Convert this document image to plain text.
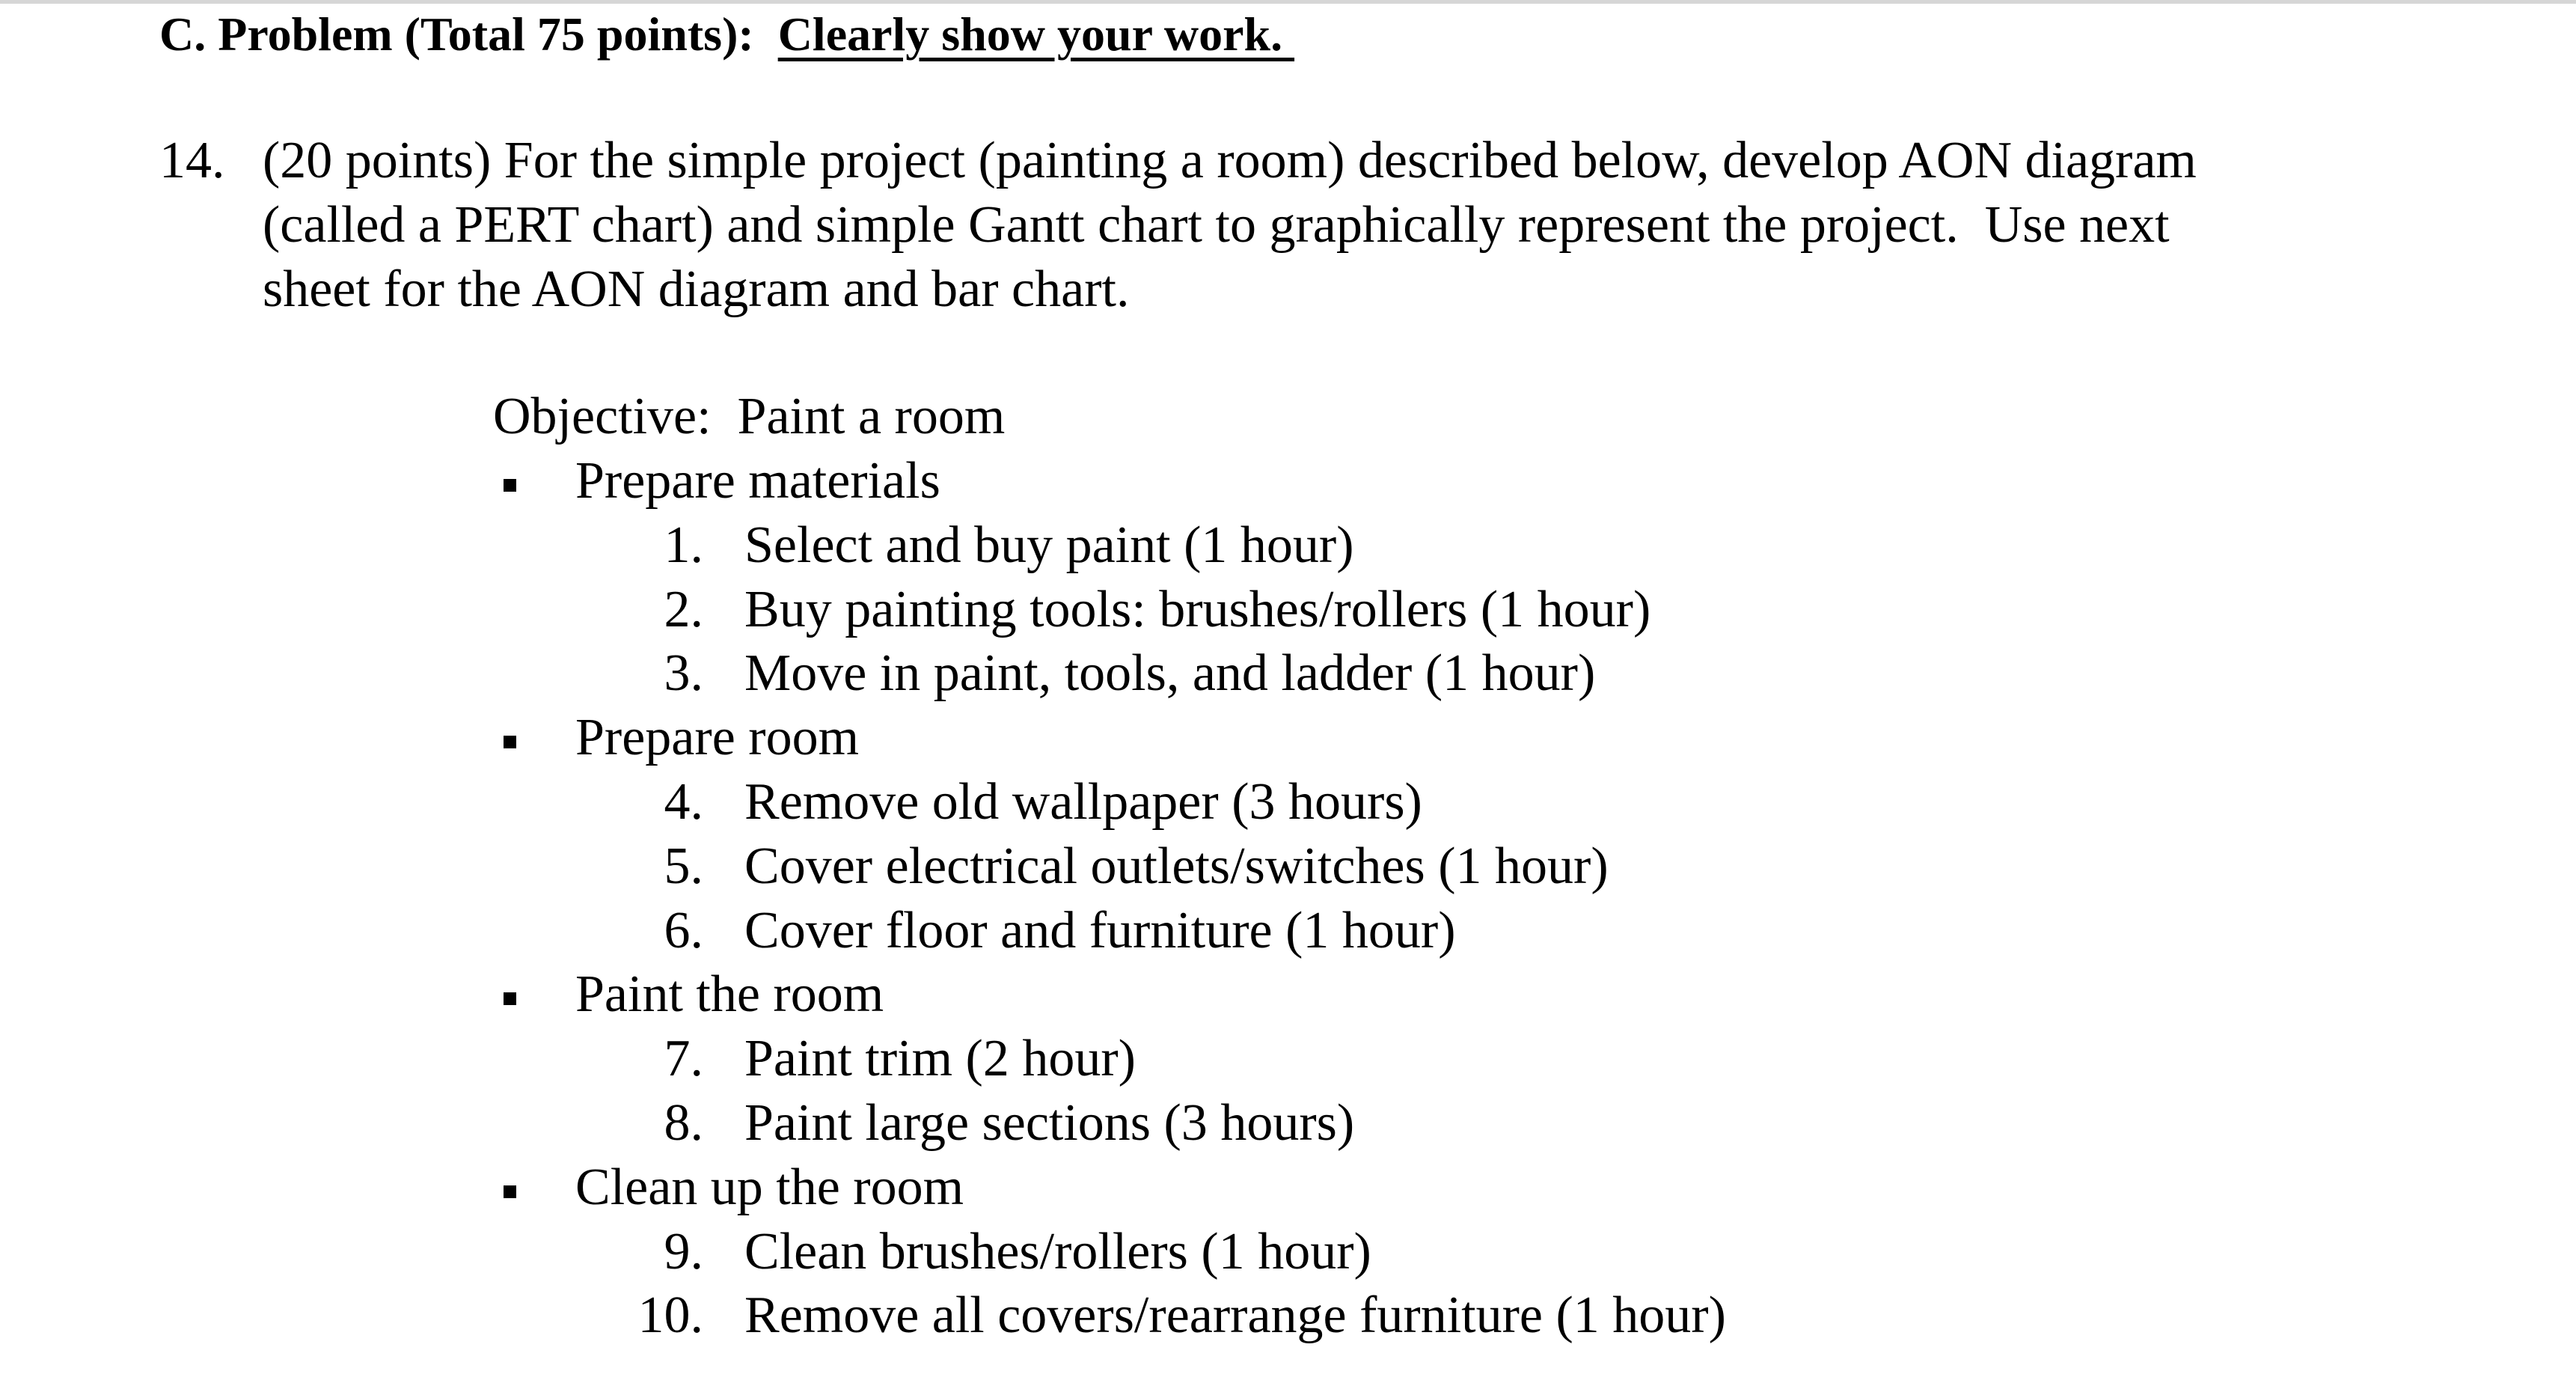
C. Problem (Total 75 points): Clearly show your work.
14. (20 points) For the simple project (painting a room) described below, develop AON diagram
(called a PERT chart) and simple Gantt chart to graphically represent the project.  Use next
sheet for the AON diagram and bar chart.
Objective:  Paint a room
Prepare materials
1. Select and buy paint (1 hour)
2. Buy painting tools: brushes/rollers (1 hour)
3. Move in paint, tools, and ladder (1 hour)
Prepare room
4. Remove old wallpaper (3 hours)
5. Cover electrical outlets/switches (1 hour)
6. Cover floor and furniture (1 hour)
Paint the room
7. Paint trim (2 hour)
8. Paint large sections (3 hours)
Clean up the room
9. Clean brushes/rollers (1 hour)
10. Remove all covers/rearrange furniture (1 hour)
